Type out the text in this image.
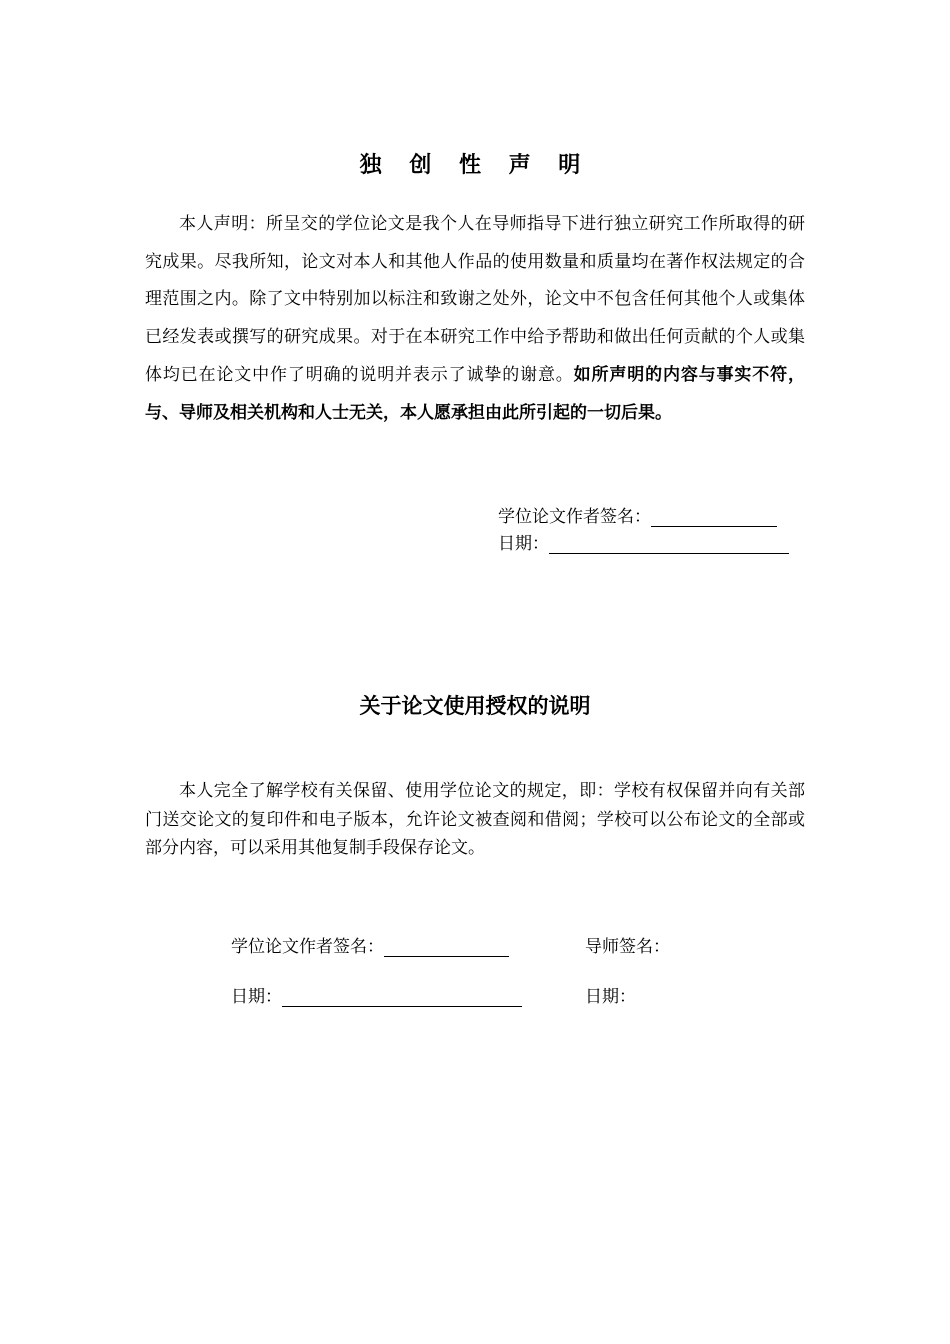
独 创 性 声 明

本人声明：所呈交的学位论文是我个人在导师指导下进行独立研究工作所取得的研究成果。尽我所知，论文对本人和其他人作品的使用数量和质量均在著作权法规定的合理范围之内。除了文中特别加以标注和致谢之处外，论文中不包含任何其他个人或集体已经发表或撰写的研究成果。对于在本研究工作中给予帮助和做出任何贡献的个人或集体均已在论文中作了明确的说明并表示了诚挚的谢意。如所声明的内容与事实不符，与、导师及相关机构和人士无关，本人愿承担由此所引起的一切后果。

学位论文作者签名：
日期：
关于论文使用授权的说明

本人完全了解学校有关保留、使用学位论文的规定，即：学校有权保留并向有关部门送交论文的复印件和电子版本，允许论文被查阅和借阅；学校可以公布论文的全部或部分内容，可以采用其他复制手段保存论文。

学位论文作者签名：	导师签名：
日期：	日期：
